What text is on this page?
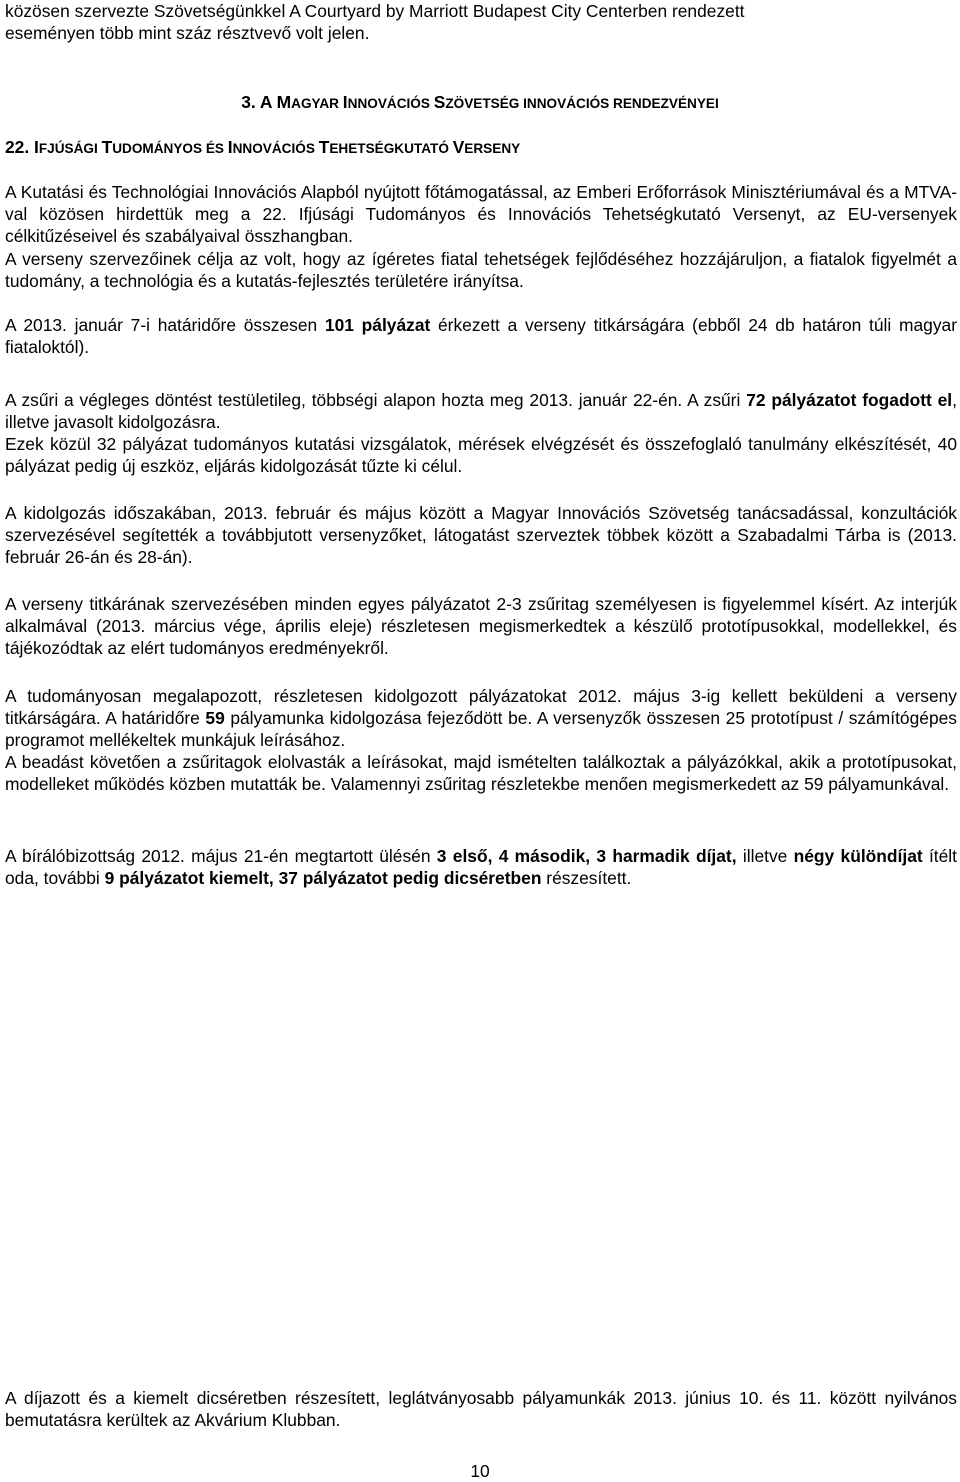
közösen szervezte Szövetségünkkel A Courtyard by Marriott Budapest City Centerben rendezett
eseményen több mint száz résztvevő volt jelen.

3. A MAGYAR INNOVÁCIÓS SZÖVETSÉG INNOVÁCIÓS RENDEZVÉNYEI

22. IFJÚSÁGI TUDOMÁNYOS ÉS INNOVÁCIÓS TEHETSÉGKUTATÓ VERSENY

A Kutatási és Technológiai Innovációs Alapból nyújtott főtámogatással, az Emberi Erőforrások Minisztériumával és a MTVA-val közösen hirdettük meg a 22. Ifjúsági Tudományos és Innovációs Tehetségkutató Versenyt, az EU-versenyek célkitűzéseivel és szabályaival összhangban.

A verseny szervezőinek célja az volt, hogy az ígéretes fiatal tehetségek fejlődéséhez hozzájáruljon, a fiatalok figyelmét a tudomány, a technológia és a kutatás-fejlesztés területére irányítsa.

A 2013. január 7-i határidőre összesen 101 pályázat érkezett a verseny titkárságára (ebből 24 db határon túli magyar fiataloktól).

A zsűri a végleges döntést testületileg, többségi alapon hozta meg 2013. január 22-én. A zsűri 72 pályázatot fogadott el, illetve javasolt kidolgozásra.

Ezek közül 32 pályázat tudományos kutatási vizsgálatok, mérések elvégzését és összefoglaló tanulmány elkészítését, 40 pályázat pedig új eszköz, eljárás kidolgozását tűzte ki célul.

A kidolgozás időszakában, 2013. február és május között a Magyar Innovációs Szövetség tanácsadással, konzultációk szervezésével segítették a továbbjutott versenyzőket, látogatást szerveztek többek között a Szabadalmi Tárba is (2013. február 26-án és 28-án).

A verseny titkárának szervezésében minden egyes pályázatot 2-3 zsűritag személyesen is figyelemmel kísért. Az interjúk alkalmával (2013. március vége, április eleje) részletesen megismerkedtek a készülő prototípusokkal, modellekkel, és tájékozódtak az elért tudományos eredményekről.

A tudományosan megalapozott, részletesen kidolgozott pályázatokat 2012. május 3-ig kellett beküldeni a verseny titkárságára. A határidőre 59 pályamunka kidolgozása fejeződött be. A versenyzők összesen 25 prototípust / számítógépes programot mellékeltek munkájuk leírásához.

A beadást követően a zsűritagok elolvasták a leírásokat, majd ismételten találkoztak a pályázókkal, akik a prototípusokat, modelleket működés közben mutatták be. Valamennyi zsűritag részletekbe menően megismerkedett az 59 pályamunkával.

A bírálóbizottság 2012. május 21-én megtartott ülésén 3 első, 4 második, 3 harmadik díjat, illetve négy különdíjat ítélt oda, további 9 pályázatot kiemelt, 37 pályázatot pedig dicséretben részesített.

A díjazott és a kiemelt dicséretben részesített, leglátványosabb pályamunkák 2013. június 10. és 11. között nyilvános bemutatásra kerültek az Akvárium Klubban.

10
